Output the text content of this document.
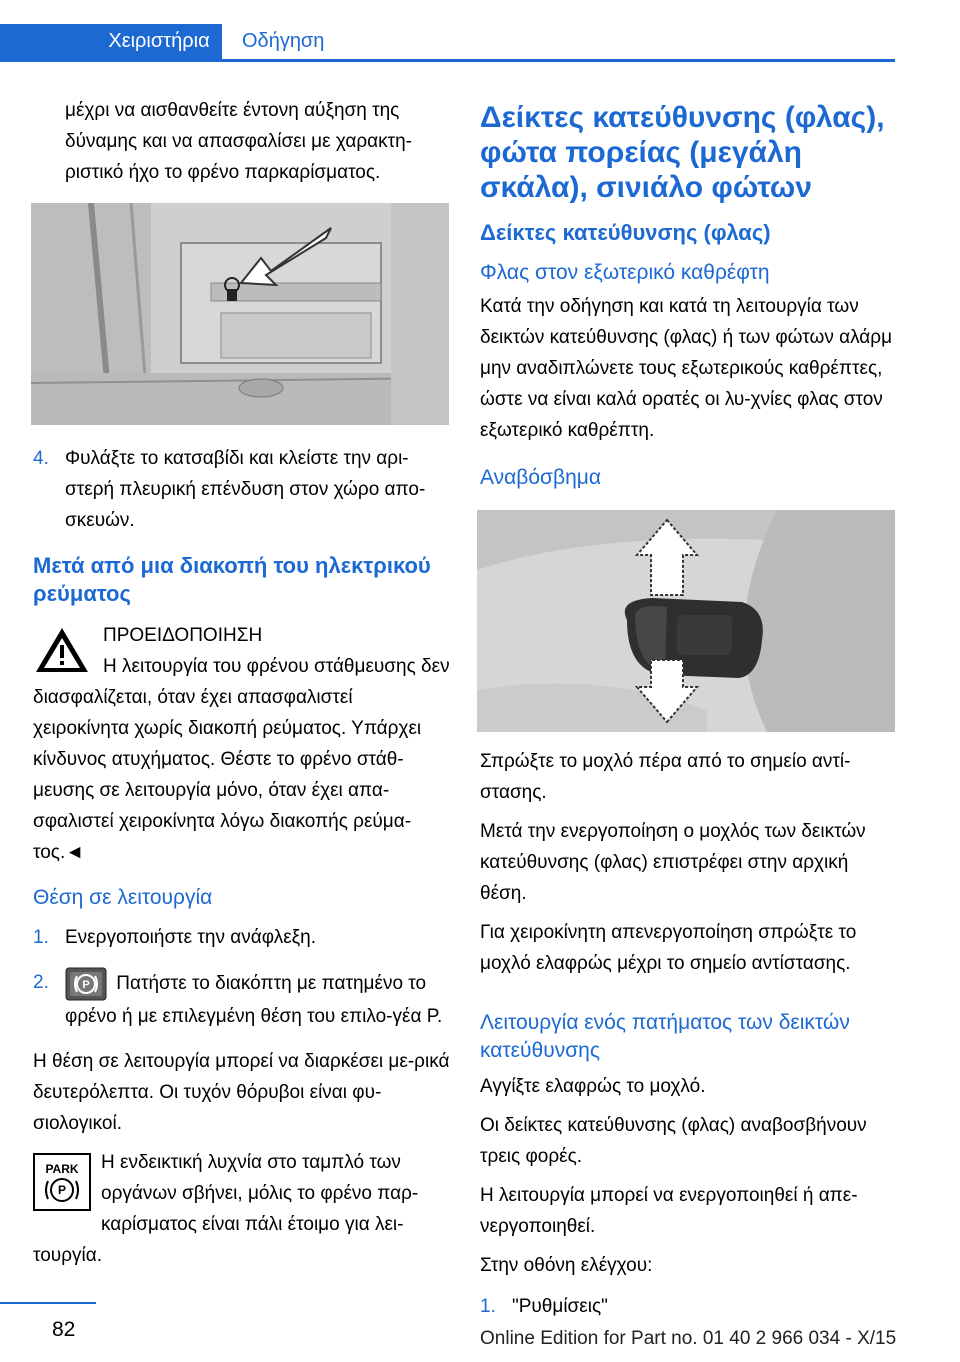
Χειριστήρια	Οδήγηση

μέχρι να αισθανθείτε έντονη αύξηση της δύναμης και να απασφαλίσει με χαρακτη-ριστικό ήχο το φρένο παρκαρίσματος.

4. Φυλάξτε το κατσαβίδι και κλείστε την αρι-στερή πλευρική επένδυση στον χώρο απο-σκευών.
Μετά από μια διακοπή του ηλεκτρικού ρεύματος
ΠΡΟΕΙΔΟΠΟΙΗΣΗ
Η λειτουργία του φρένου στάθμευσης δεν διασφαλίζεται, όταν έχει απασφαλιστεί χειροκίνητα χωρίς διακοπή ρεύματος. Υπάρχει κίνδυνος ατυχήματος. Θέστε το φρένο στάθ-μευσης σε λειτουργία μόνο, όταν έχει απα-σφαλιστεί χειροκίνητα λόγω διακοπής ρεύμα-τος.◄
Θέση σε λειτουργία
1. Ενεργοποιήστε την ανάφλεξη.
2.	P Πατήστε το διακόπτη με πατημένο το φρένο ή με επιλεγμένη θέση του επιλο-γέα P.

Η θέση σε λειτουργία μπορεί να διαρκέσει με-ρικά δευτερόλεπτα. Οι τυχόν θόρυβοι είναι φυ-σιολογικοί.

PARK
P
Η ενδεικτική λυχνία στο ταμπλό των οργάνων σβήνει, μόλις το φρένο παρ-καρίσματος είναι πάλι έτοιμο για λει-τουργία.
Δείκτες κατεύθυνσης (φλας), φώτα πορείας (μεγάλη σκάλα), σινιάλο φώτων
Δείκτες κατεύθυνσης (φλας)
Φλας στον εξωτερικό καθρέφτη

Κατά την οδήγηση και κατά τη λειτουργία των δεικτών κατεύθυνσης (φλας) ή των φώτων αλάρμ μην αναδιπλώνετε τους εξωτερικούς καθρέπτες, ώστε να είναι καλά ορατές οι λυ-χνίες φλας στον εξωτερικό καθρέπτη.

Αναβόσβημα

Σπρώξτε το μοχλό πέρα από το σημείο αντί-στασης.

Μετά την ενεργοποίηση ο μοχλός των δεικτών κατεύθυνσης (φλας) επιστρέφει στην αρχική θέση.

Για χειροκίνητη απενεργοποίηση σπρώξτε το μοχλό ελαφρώς μέχρι το σημείο αντίστασης.

Λειτουργία ενός πατήματος των δεικτών κατεύθυνσης

Αγγίξτε ελαφρώς το μοχλό.

Οι δείκτες κατεύθυνσης (φλας) αναβοσβήνουν τρεις φορές.

Η λειτουργία μπορεί να ενεργοποιηθεί ή απε-νεργοποιηθεί.

Στην οθόνη ελέγχου:

1. "Ρυθμίσεις"
82	Online Edition for Part no. 01 40 2 966 034 - X/15
